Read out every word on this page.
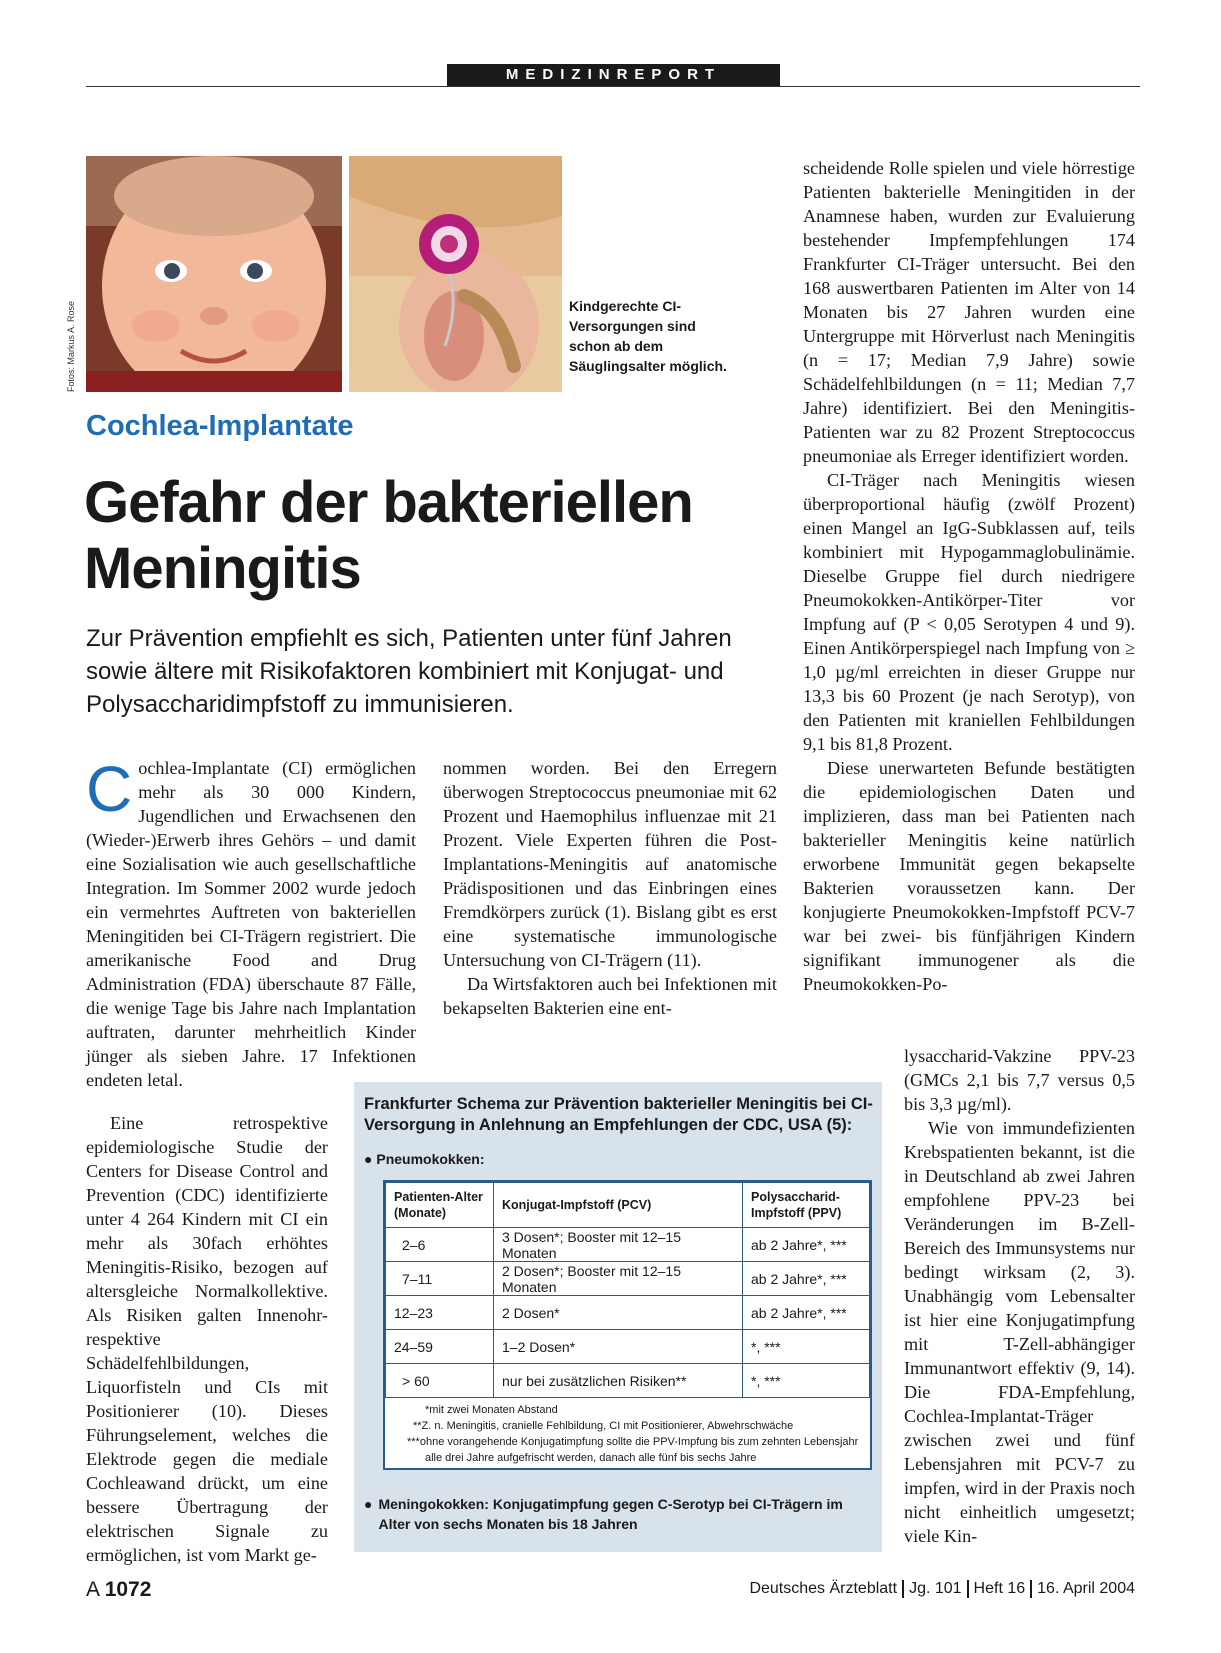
MEDIZINREPORT
Fotos: Markus A. Rose	Kindgerechte CI-Versorgungen sind schon ab dem Säuglingsalter möglich.
Cochlea-Implantate
Gefahr der bakteriellen Meningitis
Zur Prävention empfiehlt es sich, Patienten unter fünf Jahren sowie ältere mit Risikofaktoren kombiniert mit Konjugat- und Polysaccharidimpfstoff zu immunisieren.

Cochlea-Implantate (CI) ermöglichen mehr als 30 000 Kindern, Jugendlichen und Erwachsenen den (Wieder-)Erwerb ihres Gehörs – und damit eine Sozialisation wie auch gesellschaftliche Integration. Im Sommer 2002 wurde jedoch ein vermehrtes Auftreten von bakteriellen Meningitiden bei CI-Trägern registriert. Die amerikanische Food and Drug Administration (FDA) überschaute 87 Fälle, die wenige Tage bis Jahre nach Implantation auftraten, darunter mehrheitlich Kinder jünger als sieben Jahre. 17 Infektionen endeten letal.

Eine retrospektive epidemiologische Studie der Centers for Disease Control and Prevention (CDC) identifizierte unter 4 264 Kindern mit CI ein mehr als 30fach erhöhtes Meningitis-Risiko, bezogen auf altersgleiche Normalkollektive. Als Risiken galten Innenohr- respektive Schädelfehlbildungen, Liquorfisteln und CIs mit Positionierer (10). Dieses Führungselement, welches die Elektrode gegen die mediale Cochleawand drückt, um eine bessere Übertragung der elektrischen Signale zu ermöglichen, ist vom Markt ge-

nommen worden. Bei den Erregern überwogen Streptococcus pneumoniae mit 62 Prozent und Haemophilus influenzae mit 21 Prozent. Viele Experten führen die Post-Implantations-Meningitis auf anatomische Prädispositionen und das Einbringen eines Fremdkörpers zurück (1). Bislang gibt es erst eine systematische immunologische Untersuchung von CI-Trägern (11).

Da Wirtsfaktoren auch bei Infektionen mit bekapselten Bakterien eine ent-

scheidende Rolle spielen und viele hörrestige Patienten bakterielle Meningitiden in der Anamnese haben, wurden zur Evaluierung bestehender Impfempfehlungen 174 Frankfurter CI-Träger untersucht. Bei den 168 auswertbaren Patienten im Alter von 14 Monaten bis 27 Jahren wurden eine Untergruppe mit Hörverlust nach Meningitis (n = 17; Median 7,9 Jahre) sowie Schädelfehlbildungen (n = 11; Median 7,7 Jahre) identifiziert. Bei den Meningitis-Patienten war zu 82 Prozent Streptococcus pneumoniae als Erreger identifiziert worden.

CI-Träger nach Meningitis wiesen überproportional häufig (zwölf Prozent) einen Mangel an IgG-Subklassen auf, teils kombiniert mit Hypogammaglobulinämie. Dieselbe Gruppe fiel durch niedrigere Pneumokokken-Antikörper-Titer vor Impfung auf (P < 0,05 Serotypen 4 und 9). Einen Antikörperspiegel nach Impfung von ≥ 1,0 µg/ml erreichten in dieser Gruppe nur 13,3 bis 60 Prozent (je nach Serotyp), von den Patienten mit kraniellen Fehlbildungen 9,1 bis 81,8 Prozent.

Diese unerwarteten Befunde bestätigten die epidemiologischen Daten und implizieren, dass man bei Patienten nach bakterieller Meningitis keine natürlich erworbene Immunität gegen bekapselte Bakterien voraussetzen kann. Der konjugierte Pneumokokken-Impfstoff PCV-7 war bei zwei- bis fünfjährigen Kindern signifikant immunogener als die Pneumokokken-Po-

lysaccharid-Vakzine PPV-23 (GMCs 2,1 bis 7,7 versus 0,5 bis 3,3 µg/ml).

Wie von immundefizienten Krebspatienten bekannt, ist die in Deutschland ab zwei Jahren empfohlene PPV-23 bei Veränderungen im B-Zell-Bereich des Immunsystems nur bedingt wirksam (2, 3). Unabhängig vom Lebensalter ist hier eine Konjugatimpfung mit T-Zell-abhängiger Immunantwort effektiv (9, 14). Die FDA-Empfehlung, Cochlea-Implantat-Träger zwischen zwei und fünf Lebensjahren mit PCV-7 zu impfen, wird in der Praxis noch nicht einheitlich umgesetzt; viele Kin-

Frankfurter Schema zur Prävention bakterieller Meningitis bei CI-Versorgung in Anlehnung an Empfehlungen der CDC, USA (5):
● Pneumokokken:
Patienten-Alter (Monate)	Konjugat-Impfstoff (PCV)	Polysaccharid-Impfstoff (PPV)
2–6	3 Dosen*; Booster mit 12–15 Monaten	ab 2 Jahre*, ***
7–11	2 Dosen*; Booster mit 12–15 Monaten	ab 2 Jahre*, ***
12–23	2 Dosen*	ab 2 Jahre*, ***
24–59	1–2 Dosen*	*, ***
> 60	nur bei zusätzlichen Risiken**	*, ***
*mit zwei Monaten Abstand
**Z. n. Meningitis, cranielle Fehlbildung, CI mit Positionierer, Abwehrschwäche
***ohne vorangehende Konjugatimpfung sollte die PPV-Impfung bis zum zehnten Lebensjahr
alle drei Jahre aufgefrischt werden, danach alle fünf bis sechs Jahre
● Meningokokken: Konjugatimpfung gegen C-Serotyp bei CI-Trägern im Alter von sechs Monaten bis 18 Jahren
A 1072	Deutsches Ärzteblatt Jg. 101 Heft 16 16. April 2004
